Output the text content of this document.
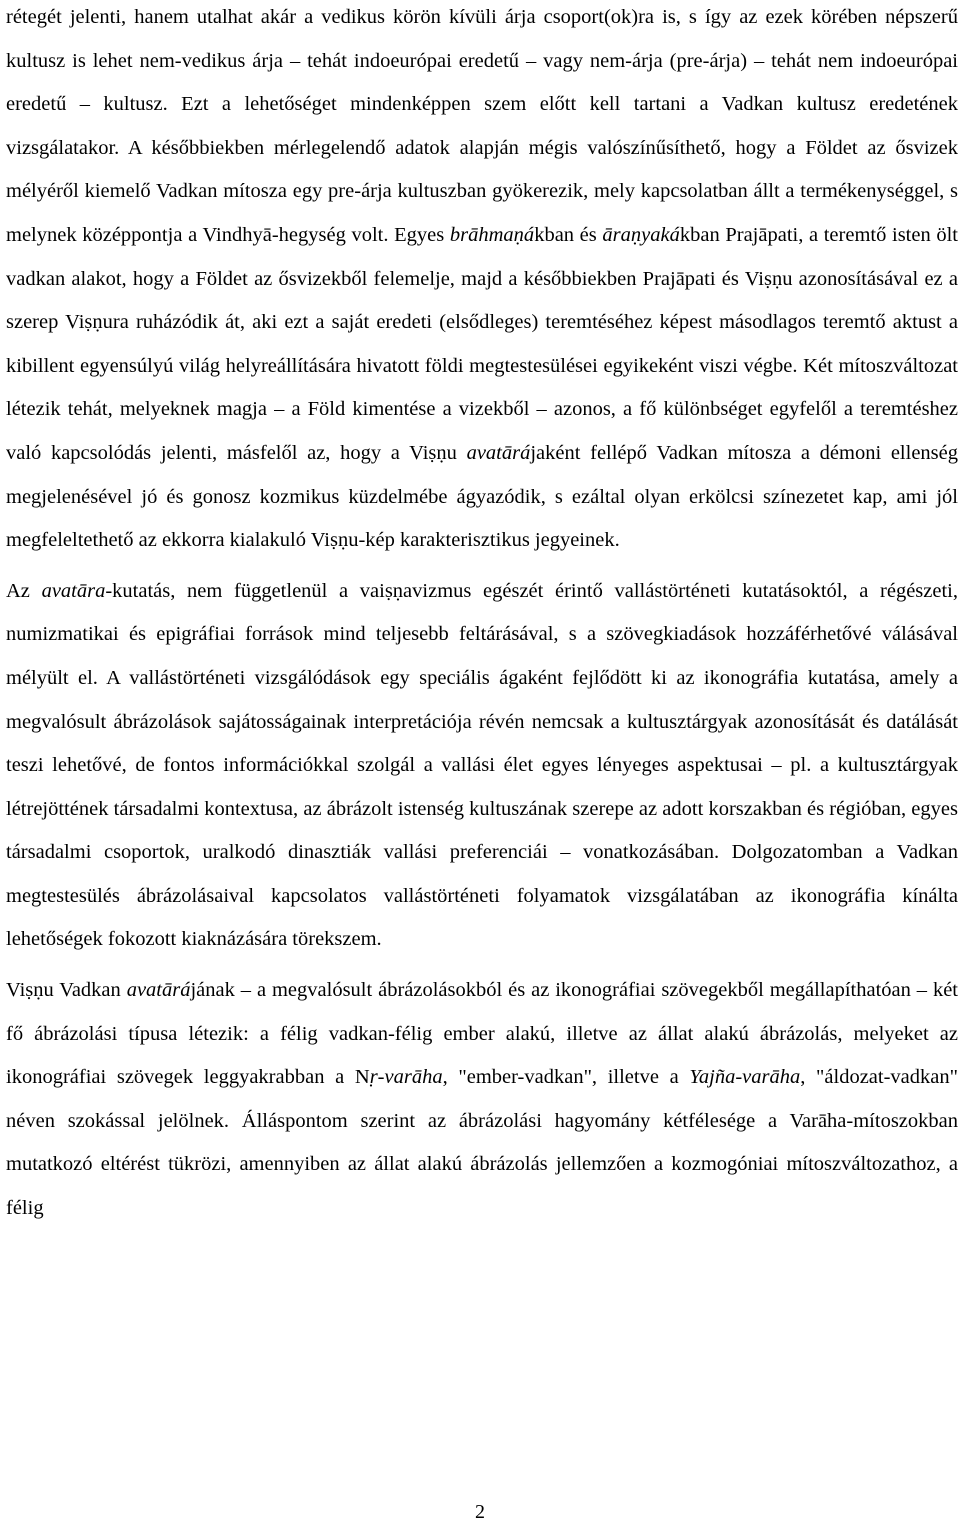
rétegét jelenti, hanem utalhat akár a vedikus körön kívüli árja csoport(ok)ra is, s így az ezek körében népszerű kultusz is lehet nem-vedikus árja – tehát indoeurópai eredetű – vagy nem-árja (pre-árja) – tehát nem indoeurópai eredetű – kultusz. Ezt a lehetőséget mindenképpen szem előtt kell tartani a Vadkan kultusz eredetének vizsgálatakor. A későbbiekben mérlegelendő adatok alapján mégis valószínűsíthető, hogy a Földet az ősvizek mélyéről kiemelő Vadkan mítosza egy pre-árja kultuszban gyökerezik, mely kapcsolatban állt a termékenységgel, s melynek középpontja a Vindhyā-hegység volt. Egyes brāhmaṇákban és āraṇyakákban Prajāpati, a teremtő isten ölt vadkan alakot, hogy a Földet az ősvizekből felemelje, majd a későbbiekben Prajāpati és Viṣṇu azonosításával ez a szerep Viṣṇura ruházódik át, aki ezt a saját eredeti (elsődleges) teremtéséhez képest másodlagos teremtő aktust a kibillent egyensúlyú világ helyreállítására hivatott földi megtestesülései egyikeként viszi végbe. Két mítoszváltozat létezik tehát, melyeknek magja – a Föld kimentése a vizekből – azonos, a fő különbséget egyfelől a teremtéshez való kapcsolódás jelenti, másfelől az, hogy a Viṣṇu avatārájaként fellépő Vadkan mítosza a démoni ellenség megjelenésével jó és gonosz kozmikus küzdelmébe ágyazódik, s ezáltal olyan erkölcsi színezetet kap, ami jól megfeleltethető az ekkorra kialakuló Viṣṇu-kép karakterisztikus jegyeinek.

Az avatāra-kutatás, nem függetlenül a vaiṣṇavizmus egészét érintő vallástörténeti kutatásoktól, a régészeti, numizmatikai és epigráfiai források mind teljesebb feltárásával, s a szövegkiadások hozzáférhetővé válásával mélyült el. A vallástörténeti vizsgálódások egy speciális ágaként fejlődött ki az ikonográfia kutatása, amely a megvalósult ábrázolások sajátosságainak interpretációja révén nemcsak a kultusztárgyak azonosítását és datálását teszi lehetővé, de fontos információkkal szolgál a vallási élet egyes lényeges aspektusai – pl. a kultusztárgyak létrejöttének társadalmi kontextusa, az ábrázolt istenség kultuszának szerepe az adott korszakban és régióban, egyes társadalmi csoportok, uralkodó dinasztiák vallási preferenciái – vonatkozásában. Dolgozatomban a Vadkan megtestesülés ábrázolásaival kapcsolatos vallástörténeti folyamatok vizsgálatában az ikonográfia kínálta lehetőségek fokozott kiaknázására törekszem.

Viṣṇu Vadkan avatārájának – a megvalósult ábrázolásokból és az ikonográfiai szövegekből megállapíthatóan – két fő ábrázolási típusa létezik: a félig vadkan-félig ember alakú, illetve az állat alakú ábrázolás, melyeket az ikonográfiai szövegek leggyakrabban a Nṛ-varāha, "ember-vadkan", illetve a Yajña-varāha, "áldozat-vadkan" néven szokással jelölnek. Álláspontom szerint az ábrázolási hagyomány kétfélesége a Varāha-mítoszokban mutatkozó eltérést tükrözi, amennyiben az állat alakú ábrázolás jellemzően a kozmogóniai mítoszváltozathoz, a félig

2
